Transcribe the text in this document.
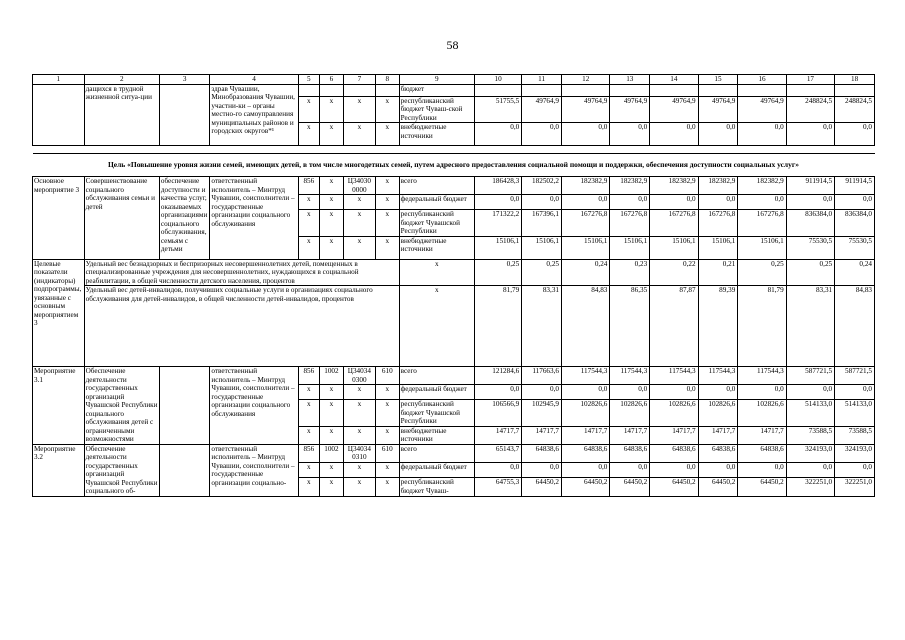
58
1	2	3	4	5	6	7	8	9	10	11	12	13	14	15	16	17	18
	дащихся в трудной жизненной ситуа-ции		здрав Чувашии, Минобразования Чувашии, участни-ки – органы местно-го самоуправления муниципальных районов и городских округов*¹					бюджет									
				x	x	x	x	республиканский бюджет Чуваш-ской Республики	51755,5	49764,9	49764,9	49764,9	49764,9	49764,9	49764,9	248824,5	248824,5
				x	x	x	x	внебюджетные источники	0,0	0,0	0,0	0,0	0,0	0,0	0,0	0,0	0,0

Цель «Повышение уровня жизни семей, имеющих детей, в том числе многодетных семей, путем адресного предоставления социальной помощи и поддержки, обеспечения доступности социальных услуг»																	
Основное мероприятие 3	Совершенствование социального обслуживания семьи и детей	обеспечение доступности и качества услуг, оказываемых организациями социального обслуживания, семьям с детьми	ответственный исполнитель – Минтруд Чувашии, соисполнители – государственные организации социального обслуживания	856	x	Ц34030 0000	x	всего	186428,3	182502,2	182382,9	182382,9	182382,9	182382,9	182382,9	911914,5	911914,5
				x	x	x	x	федеральный бюджет	0,0	0,0	0,0	0,0	0,0	0,0	0,0	0,0	0,0
				x	x	x	x	республиканский бюджет Чувашской Республики	171322,2	167396,1	167276,8	167276,8	167276,8	167276,8	167276,8	836384,0	836384,0
				x	x	x	x	внебюджетные источники	15106,1	15106,1	15106,1	15106,1	15106,1	15106,1	15106,1	75530,5	75530,5
Целевые показатели (индикаторы) подпрограммы, увязанные с основным мероприятием 3	Удельный вес безнадзорных и беспризорных несовершеннолетних детей, помещенных в специализированные учреждения для несовершеннолетних, нуждающихся в социальной реабилитации, в общей численности детского населения, процентов							x	0,25	0,25	0,24	0,23	0,22	0,21	0,25	0,25	0,24
	Удельный вес детей-инвалидов, получивших социальные услуги в организациях социального обслуживания для детей-инвалидов, в общей численности детей-инвалидов, процентов							x	81,79	83,31	84,83	86,35	87,87	89,39	81,79	83,31	84,83
Мероприятие 3.1	Обеспечение деятельности государственных организаций Чувашской Республики социального обслуживания детей с ограниченными возможностями		ответственный исполнитель – Минтруд Чувашии, соисполнители – государственные организации социального обслуживания	856	1002	Ц34034 0300	610	всего	121284,6	117663,6	117544,3	117544,3	117544,3	117544,3	117544,3	587721,5	587721,5
				x	x	x	x	федеральный бюджет	0,0	0,0	0,0	0,0	0,0	0,0	0,0	0,0	0,0
				x	x	x	x	республиканский бюджет Чувашской Республики	106566,9	102945,9	102826,6	102826,6	102826,6	102826,6	102826,6	514133,0	514133,0
				x	x	x	x	внебюджетные источники	14717,7	14717,7	14717,7	14717,7	14717,7	14717,7	14717,7	73588,5	73588,5
Мероприятие 3.2	Обеспечение деятельности государственных организаций Чувашской Республики социального об-		ответственный исполнитель – Минтруд Чувашии, соисполнители – государственные организации социально-	856	1002	Ц34034 0310	610	всего	65143,7	64838,6	64838,6	64838,6	64838,6	64838,6	64838,6	324193,0	324193,0
				x	x	x	x	федеральный бюджет	0,0	0,0	0,0	0,0	0,0	0,0	0,0	0,0	0,0
				x	x	x	x	республиканский бюджет Чуваш-	64755,3	64450,2	64450,2	64450,2	64450,2	64450,2	64450,2	322251,0	322251,0
